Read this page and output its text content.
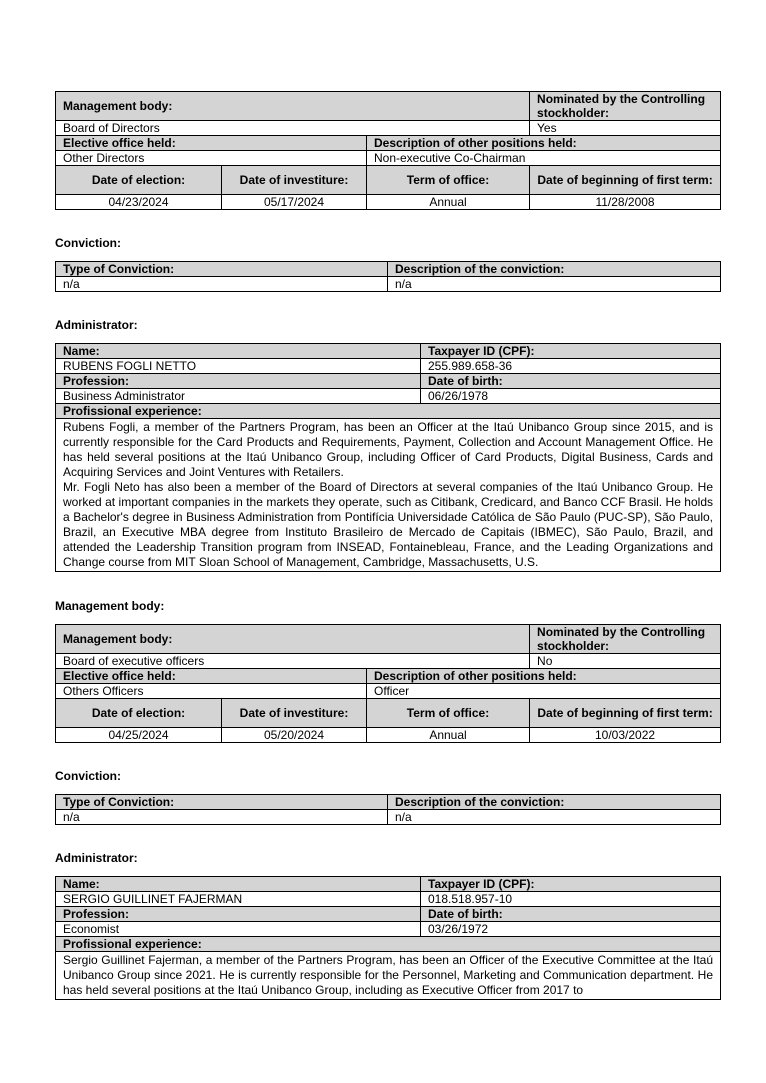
Management body:			Nominated by the Controlling stockholder:
Board of Directors			Yes
Elective office held:		Description of other positions held:	
Other Directors		Non-executive Co-Chairman	
Date of election:	Date of investiture:	Term of office:	Date of beginning of first term:
04/23/2024	05/17/2024	Annual	11/28/2008
Conviction:
Type of Conviction:	Description of the conviction:
n/a	n/a
Administrator:
Name:	Taxpayer ID (CPF):
RUBENS FOGLI NETTO	255.989.658-36
Profession:	Date of birth:
Business Administrator	06/26/1978
Profissional experience:	

Rubens Fogli, a member of the Partners Program, has been an Officer at the Itaú Unibanco Group since 2015, and is currently responsible for the Card Products and Requirements, Payment, Collection and Account Management Office. He has held several positions at the Itaú Unibanco Group, including Officer of Card Products, Digital Business, Cards and Acquiring Services and Joint Ventures with Retailers.
Mr. Fogli Neto has also been a member of the Board of Directors at several companies of the Itaú Unibanco Group. He worked at important companies in the markets they operate, such as Citibank, Credicard, and Banco CCF Brasil. He holds a Bachelor's degree in Business Administration from Pontifícia Universidade Católica de São Paulo (PUC-SP), São Paulo, Brazil, an Executive MBA degree from Instituto Brasileiro de Mercado de Capitais (IBMEC), São Paulo, Brazil, and attended the Leadership Transition program from INSEAD, Fontainebleau, France, and the Leading Organizations and Change course from MIT Sloan School of Management, Cambridge, Massachusetts, U.S.	
Management body:
Management body:			Nominated by the Controlling stockholder:
Board of executive officers			No
Elective office held:		Description of other positions held:	
Others Officers		Officer	
Date of election:	Date of investiture:	Term of office:	Date of beginning of first term:
04/25/2024	05/20/2024	Annual	10/03/2022
Conviction:
Type of Conviction:	Description of the conviction:
n/a	n/a
Administrator:
Name:	Taxpayer ID (CPF):
SERGIO GUILLINET FAJERMAN	018.518.957-10
Profession:	Date of birth:
Economist	03/26/1972
Profissional experience:	

Sergio Guillinet Fajerman, a member of the Partners Program, has been an Officer of the Executive Committee at the Itaú Unibanco Group since 2021. He is currently responsible for the Personnel, Marketing and Communication department. He has held several positions at the Itaú Unibanco Group, including as Executive Officer from 2017 to	
